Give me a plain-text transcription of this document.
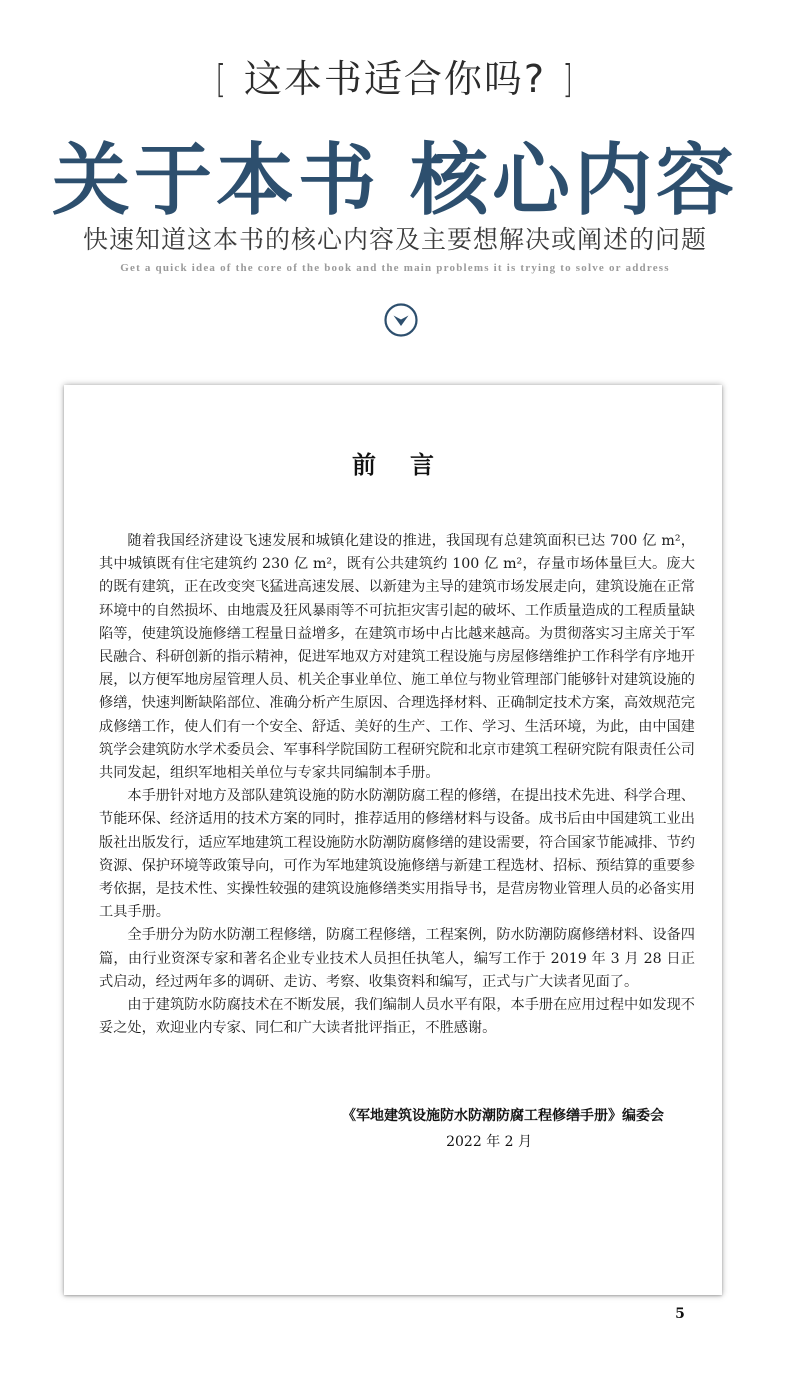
[ 这本书适合你吗? ]
关于本书 核心内容
快速知道这本书的核心内容及主要想解决或阐述的问题
Get a quick idea of the core of the book and the main problems it is trying to solve or address
前言

随着我国经济建设飞速发展和城镇化建设的推进，我国现有总建筑面积已达 700 亿 m²，其中城镇既有住宅建筑约 230 亿 m²，既有公共建筑约 100 亿 m²，存量市场体量巨大。庞大的既有建筑，正在改变突飞猛进高速发展、以新建为主导的建筑市场发展走向，建筑设施在正常环境中的自然损坏、由地震及狂风暴雨等不可抗拒灾害引起的破坏、工作质量造成的工程质量缺陷等，使建筑设施修缮工程量日益增多，在建筑市场中占比越来越高。为贯彻落实习主席关于军民融合、科研创新的指示精神，促进军地双方对建筑工程设施与房屋修缮维护工作科学有序地开展，以方便军地房屋管理人员、机关企事业单位、施工单位与物业管理部门能够针对建筑设施的修缮，快速判断缺陷部位、准确分析产生原因、合理选择材料、正确制定技术方案，高效规范完成修缮工作，使人们有一个安全、舒适、美好的生产、工作、学习、生活环境，为此，由中国建筑学会建筑防水学术委员会、军事科学院国防工程研究院和北京市建筑工程研究院有限责任公司共同发起，组织军地相关单位与专家共同编制本手册。

本手册针对地方及部队建筑设施的防水防潮防腐工程的修缮，在提出技术先进、科学合理、节能环保、经济适用的技术方案的同时，推荐适用的修缮材料与设备。成书后由中国建筑工业出版社出版发行，适应军地建筑工程设施防水防潮防腐修缮的建设需要，符合国家节能减排、节约资源、保护环境等政策导向，可作为军地建筑设施修缮与新建工程选材、招标、预结算的重要参考依据，是技术性、实操性较强的建筑设施修缮类实用指导书，是营房物业管理人员的必备实用工具手册。

全手册分为防水防潮工程修缮，防腐工程修缮，工程案例，防水防潮防腐修缮材料、设备四篇，由行业资深专家和著名企业专业技术人员担任执笔人，编写工作于 2019 年 3 月 28 日正式启动，经过两年多的调研、走访、考察、收集资料和编写，正式与广大读者见面了。

由于建筑防水防腐技术在不断发展，我们编制人员水平有限，本手册在应用过程中如发现不妥之处，欢迎业内专家、同仁和广大读者批评指正，不胜感谢。

《军地建筑设施防水防潮防腐工程修缮手册》编委会
2022 年 2 月
5
